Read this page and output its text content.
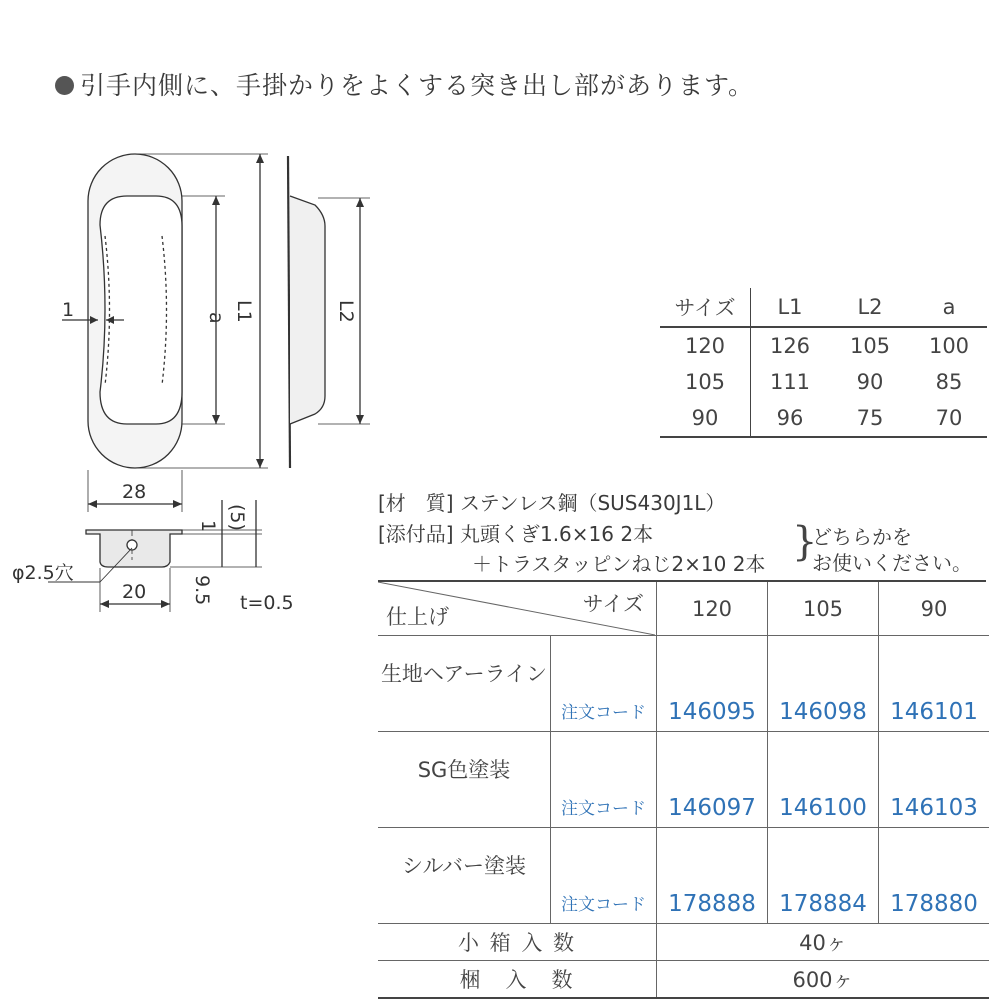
引手内側に、手掛かりをよくする突き出し部があります。
1	a L1	L2
28
(5)
1
φ2.5穴
9.5
20	t=0.5
サイズ	L1	L2	a
120	126	105	100
105	111	90	85
90	96	75	70
[材　質] ステンレス鋼（SUS430J1L）
[添付品] 丸頭くぎ1.6×16 2本
＋トラスタッピンねじ2×10 2本 }
どちらかを
お使いください。
サイズ
仕上げ		120	105	90
生地ヘアーライン	注文コード	146095	146098	146101
SG色塗装	注文コード	146097	146100	146103
シルバー塗装	注文コード	178888	178884	178880
小 箱 入 数		40ヶ		
梱　入　数		600ヶ		
